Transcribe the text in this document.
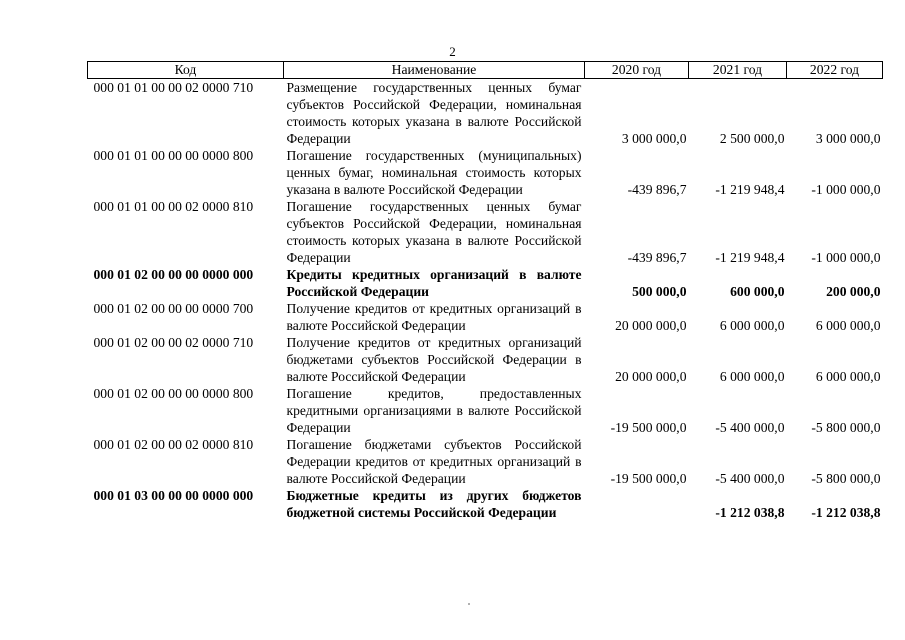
2
Код	Наименование	2020 год	2021 год	2022 год
000 01 01 00 00 02 0000 710	Размещение государственных ценных бумаг субъектов Российской Федерации, номинальная стоимость которых указана в валюте Российской Федерации	3 000 000,0	2 500 000,0	3 000 000,0
000 01 01 00 00 00 0000 800	Погашение государственных (муниципальных) ценных бумаг, номинальная стоимость которых указана в валюте Российской Федерации	-439 896,7	-1 219 948,4	-1 000 000,0
000 01 01 00 00 02 0000 810	Погашение государственных ценных бумаг субъектов Российской Федерации, номинальная стоимость которых указана в валюте Российской Федерации	-439 896,7	-1 219 948,4	-1 000 000,0
000 01 02 00 00 00 0000 000	Кредиты кредитных организаций в валюте Российской Федерации	500 000,0	600 000,0	200 000,0
000 01 02 00 00 00 0000 700	Получение кредитов от кредитных организаций в валюте Российской Федерации	20 000 000,0	6 000 000,0	6 000 000,0
000 01 02 00 00 02 0000 710	Получение кредитов от кредитных организаций бюджетами субъектов Российской Федерации в валюте Российской Федерации	20 000 000,0	6 000 000,0	6 000 000,0
000 01 02 00 00 00 0000 800	Погашение кредитов, предоставленных кредитными организациями в валюте Российской Федерации	-19 500 000,0	-5 400 000,0	-5 800 000,0
000 01 02 00 00 02 0000 810	Погашение бюджетами субъектов Российской Федерации кредитов от кредитных организаций в валюте Российской Федерации	-19 500 000,0	-5 400 000,0	-5 800 000,0
000 01 03 00 00 00 0000 000	Бюджетные кредиты из других бюджетов бюджетной системы Российской Федерации		-1 212 038,8	-1 212 038,8
